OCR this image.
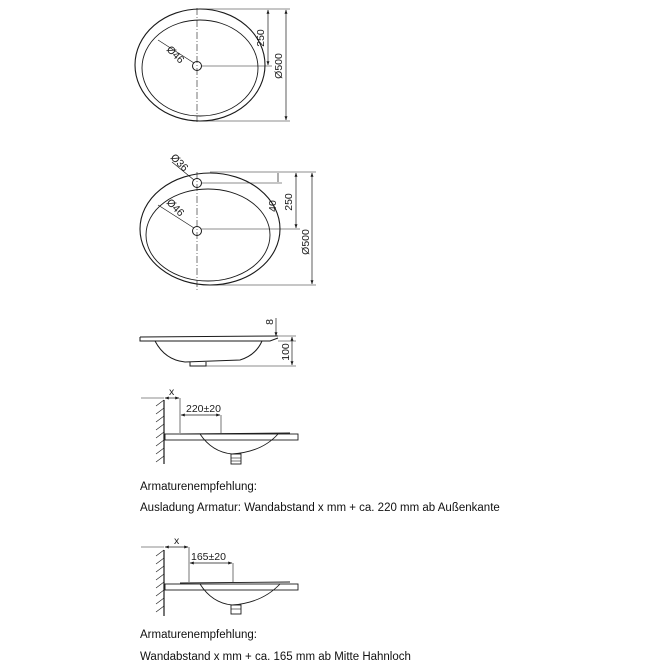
Ø46
250
Ø500
Ø36
Ø46	40 250
Ø500
8
100
x
220±20
x
165±20
Armaturenempfehlung:
Ausladung Armatur: Wandabstand x mm + ca. 220 mm ab Außenkante
Armaturenempfehlung:
Wandabstand x mm + ca. 165 mm ab Mitte Hahnloch
